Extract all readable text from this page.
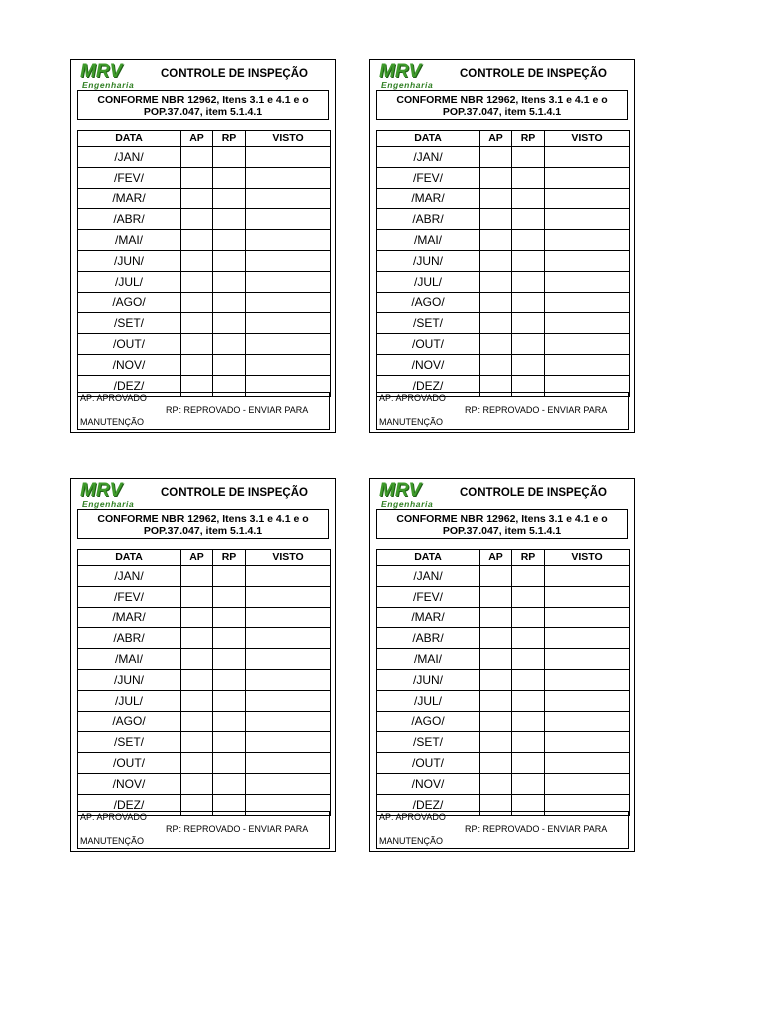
MRV
Engenharia
CONTROLE DE INSPEÇÃO
CONFORME NBR 12962, Itens 3.1 e 4.1 e o
POP.37.047, item 5.1.4.1
DATA	AP	RP	VISTO
/JAN/			
/FEV/			
/MAR/			
/ABR/			
/MAI/			
/JUN/			
/JUL/			
/AGO/			
/SET/			
/OUT/			
/NOV/			
/DEZ/			
AP: APROVADO
RP: REPROVADO - ENVIAR PARA
MANUTENÇÃO
MRV
Engenharia
CONTROLE DE INSPEÇÃO
CONFORME NBR 12962, Itens 3.1 e 4.1 e o
POP.37.047, item 5.1.4.1
DATA	AP	RP	VISTO
/JAN/			
/FEV/			
/MAR/			
/ABR/			
/MAI/			
/JUN/			
/JUL/			
/AGO/			
/SET/			
/OUT/			
/NOV/			
/DEZ/			
AP: APROVADO
RP: REPROVADO - ENVIAR PARA
MANUTENÇÃO
MRV
Engenharia
CONTROLE DE INSPEÇÃO
CONFORME NBR 12962, Itens 3.1 e 4.1 e o
POP.37.047, item 5.1.4.1
DATA	AP	RP	VISTO
/JAN/			
/FEV/			
/MAR/			
/ABR/			
/MAI/			
/JUN/			
/JUL/			
/AGO/			
/SET/			
/OUT/			
/NOV/			
/DEZ/			
AP: APROVADO
RP: REPROVADO - ENVIAR PARA
MANUTENÇÃO
MRV
Engenharia
CONTROLE DE INSPEÇÃO
CONFORME NBR 12962, Itens 3.1 e 4.1 e o
POP.37.047, item 5.1.4.1
DATA	AP	RP	VISTO
/JAN/			
/FEV/			
/MAR/			
/ABR/			
/MAI/			
/JUN/			
/JUL/			
/AGO/			
/SET/			
/OUT/			
/NOV/			
/DEZ/			
AP: APROVADO
RP: REPROVADO - ENVIAR PARA
MANUTENÇÃO
